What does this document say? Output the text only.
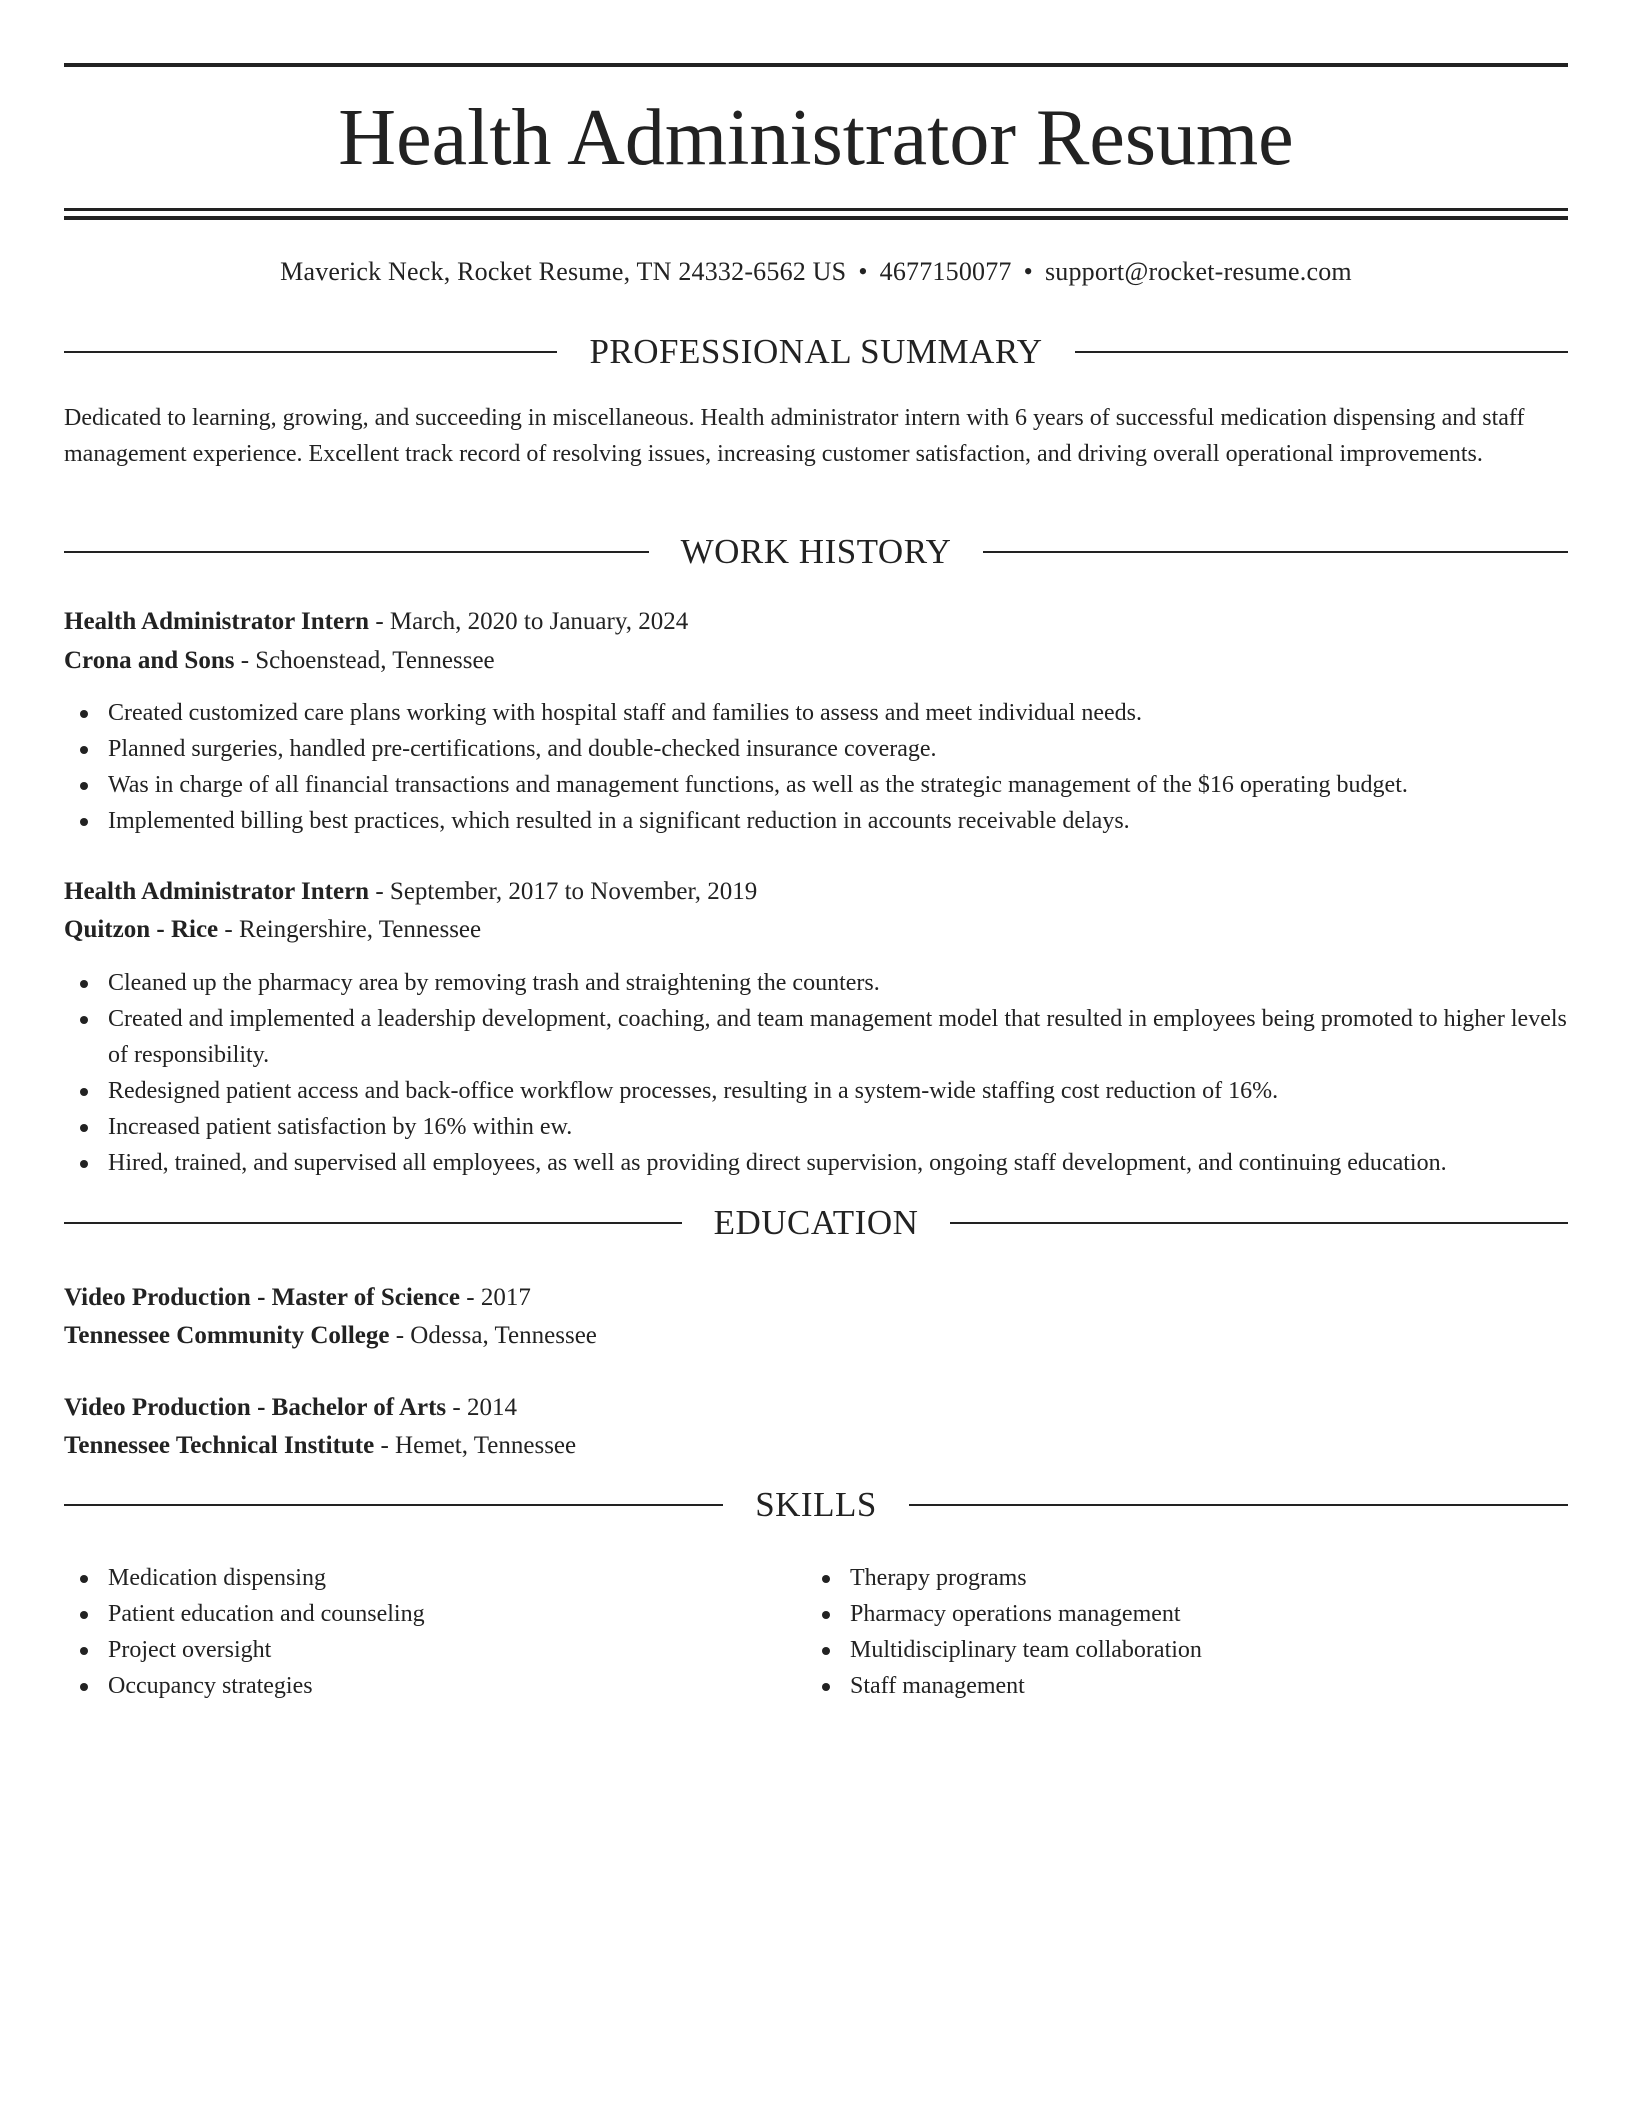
Health Administrator Resume
Maverick Neck, Rocket Resume, TN 24332-6562 US • 4677150077 • support@rocket-resume.com
PROFESSIONAL SUMMARY

Dedicated to learning, growing, and succeeding in miscellaneous. Health administrator intern with 6 years of successful medication dispensing and staff management experience. Excellent track record of resolving issues, increasing customer satisfaction, and driving overall operational improvements.

WORK HISTORY
Health Administrator Intern - March, 2020 to January, 2024
Crona and Sons - Schoenstead, Tennessee
Created customized care plans working with hospital staff and families to assess and meet individual needs.
Planned surgeries, handled pre-certifications, and double-checked insurance coverage.
Was in charge of all financial transactions and management functions, as well as the strategic management of the $16 operating budget.
Implemented billing best practices, which resulted in a significant reduction in accounts receivable delays.
Health Administrator Intern - September, 2017 to November, 2019
Quitzon - Rice - Reingershire, Tennessee
Cleaned up the pharmacy area by removing trash and straightening the counters.
Created and implemented a leadership development, coaching, and team management model that resulted in employees being promoted to higher levels of responsibility.
Redesigned patient access and back-office workflow processes, resulting in a system-wide staffing cost reduction of 16%.
Increased patient satisfaction by 16% within ew.
Hired, trained, and supervised all employees, as well as providing direct supervision, ongoing staff development, and continuing education.
EDUCATION
Video Production - Master of Science - 2017
Tennessee Community College - Odessa, Tennessee
Video Production - Bachelor of Arts - 2014
Tennessee Technical Institute - Hemet, Tennessee
SKILLS
Medication dispensing
Patient education and counseling
Project oversight
Occupancy strategies
Therapy programs
Pharmacy operations management
Multidisciplinary team collaboration
Staff management
